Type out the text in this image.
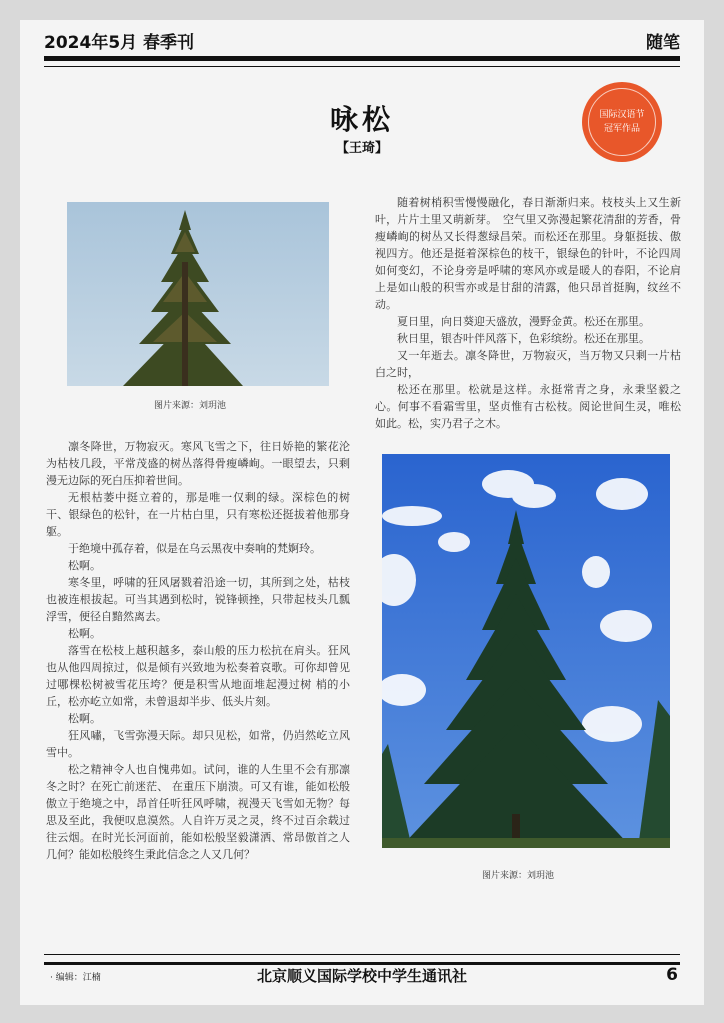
2024年5月 春季刊	随笔
咏松
【王琦】
国际汉语节
冠军作品
图片来源：刘玥池

随着树梢积雪慢慢融化，春日渐渐归来。枝枝头上又生新叶，片片土里又萌新芽。　空气里又弥漫起繁花清甜的芳香，骨瘦嶙峋的树丛又长得葱绿昌荣。而松还在那里。身躯挺拔、傲视四方。他还是挺着深棕色的枝干，银绿色的针叶，不论四周如何变幻，不论身旁是呼啸的寒风亦或是暖人的春阳，不论肩上是如山般的积雪亦或是甘甜的清露，他只昂首挺胸，纹丝不动。

夏日里，向日葵迎天盛放，漫野金黄。松还在那里。

秋日里，银杏叶伴风落下，色彩缤纷。松还在那里。

又一年逝去。凛冬降世，万物寂灭，当万物又只剩一片枯白之时，

松还在那里。松就是这样。永挺常青之身，永秉坚毅之心。何事不看霜雪里，坚贞惟有古松枝。阅论世间生灵，唯松如此。松，实乃君子之木。

凛冬降世，万物寂灭。寒风飞雪之下，往日娇艳的繁花沦为枯枝几段，平常茂盛的树丛落得骨瘦嶙峋。一眼望去，只剩漫无边际的死白压抑着世间。

无根枯萎中挺立着的，那是唯一仅剩的绿。深棕色的树干、银绿色的松针，在一片枯白里，只有寒松还挺拔着他那身躯。

于绝境中孤存着，似是在乌云黑夜中奏响的梵婀玲。

松啊。

寒冬里，呼啸的狂风屠戮着沿途一切，其所到之处，枯枝也被连根拔起。可当其遇到松时，锐锋顿挫，只带起枝头几瓢浮雪，便径自黯然离去。

松啊。

落雪在松枝上越积越多，泰山般的压力松抗在肩头。狂风也从他四周掠过，似是倾有兴致地为松奏着哀歌。可你却曾见过哪棵松树被雪花压垮？便是积雪从地面堆起漫过树 梢的小丘，松亦屹立如常，未曾退却半步、低头片刻。

松啊。

狂风嘯，飞雪弥漫天际。却只见松，如常，仍岿然屹立风雪中。

松之精神令人也自愧弗如。试问，谁的人生里不会有那凛冬之时？在死亡前迷茫、 在重压下崩溃。可又有谁，能如松般傲立于绝境之中，昂首任听狂风呼啸，视漫天飞雪如无物？每思及至此，我便叹息漠然。人自许万灵之灵，终不过百余载过往云烟。在时光长河面前，能如松般坚毅潇洒、常昂傲首之人几何？能如松般终生秉此信念之人又几何？

图片来源：刘玥池
· 编辑：江楠	北京顺义国际学校中学生通讯社	6
